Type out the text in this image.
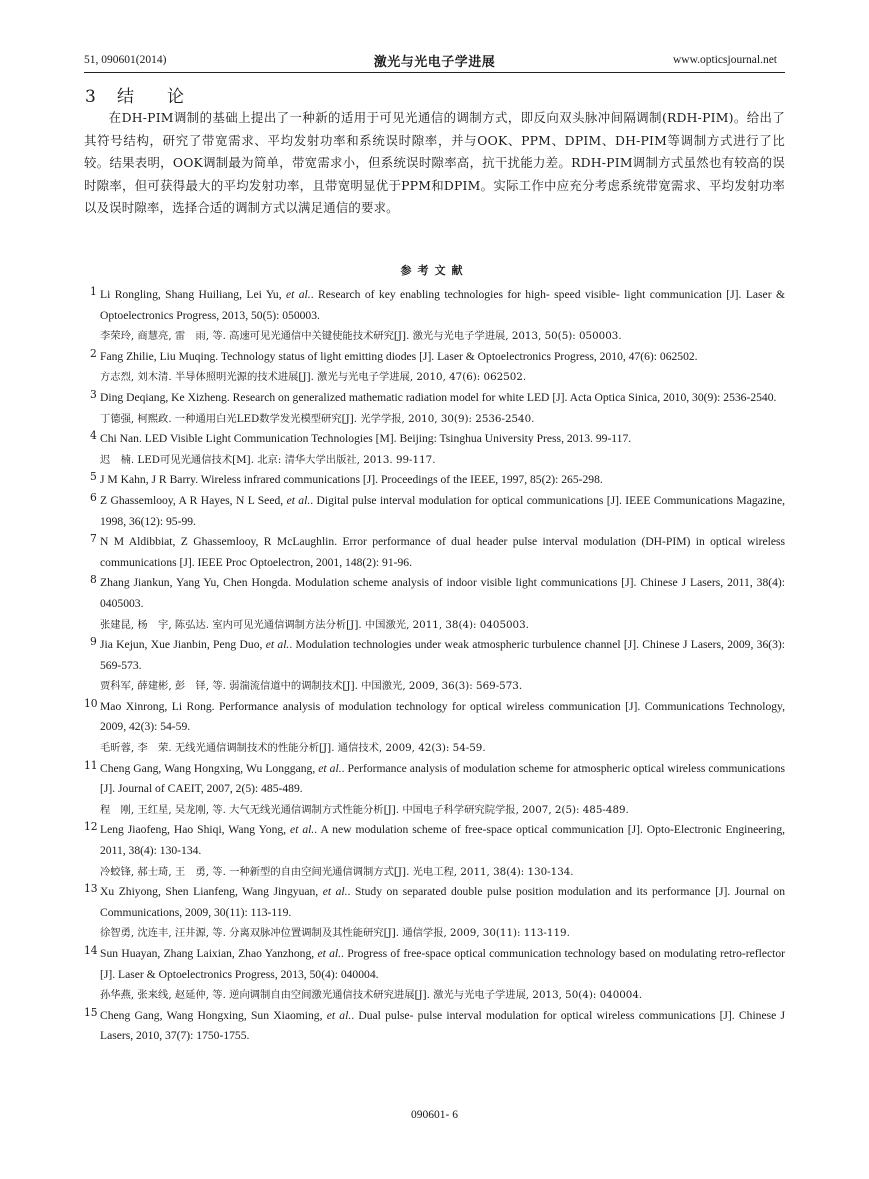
51, 090601(2014)	激光与光电子学进展	www.opticsjournal.net
3 结 论

在DH-PIM调制的基础上提出了一种新的适用于可见光通信的调制方式，即反向双头脉冲间隔调制(RDH-PIM)。给出了其符号结构，研究了带宽需求、平均发射功率和系统误时隙率，并与OOK、PPM、DPIM、DH-PIM等调制方式进行了比较。结果表明，OOK调制最为简单，带宽需求小，但系统误时隙率高，抗干扰能力差。RDH-PIM调制方式虽然也有较高的误时隙率，但可获得最大的平均发射功率，且带宽明显优于PPM和DPIM。实际工作中应充分考虑系统带宽需求、平均发射功率以及误时隙率，选择合适的调制方式以满足通信的要求。

参考文献
1 Li Rongling, Shang Huiliang, Lei Yu, et al.. Research of key enabling technologies for high- speed visible- light communication [J]. Laser & Optoelectronics Progress, 2013, 50(5): 050003.
李荣玲, 商慧亮, 雷　雨, 等. 高速可见光通信中关键使能技术研究[J]. 激光与光电子学进展, 2013, 50(5): 050003.
2 Fang Zhilie, Liu Muqing. Technology status of light emitting diodes [J]. Laser & Optoelectronics Progress, 2010, 47(6): 062502.
方志烈, 刘木清. 半导体照明光源的技术进展[J]. 激光与光电子学进展, 2010, 47(6): 062502.
3 Ding Deqiang, Ke Xizheng. Research on generalized mathematic radiation model for white LED [J]. Acta Optica Sinica, 2010, 30(9): 2536-2540.
丁德强, 柯熙政. 一种通用白光LED数学发光模型研究[J]. 光学学报, 2010, 30(9): 2536-2540.
4 Chi Nan. LED Visible Light Communication Technologies [M]. Beijing: Tsinghua University Press, 2013. 99-117.
迟　楠. LED可见光通信技术[M]. 北京: 清华大学出版社, 2013. 99-117.
5 J M Kahn, J R Barry. Wireless infrared communications [J]. Proceedings of the IEEE, 1997, 85(2): 265-298.
6 Z Ghassemlooy, A R Hayes, N L Seed, et al.. Digital pulse interval modulation for optical communications [J]. IEEE Communications Magazine, 1998, 36(12): 95-99.
7 N M Aldibbiat, Z Ghassemlooy, R McLaughlin. Error performance of dual header pulse interval modulation (DH-PIM) in optical wireless communications [J]. IEEE Proc Optoelectron, 2001, 148(2): 91-96.
8 Zhang Jiankun, Yang Yu, Chen Hongda. Modulation scheme analysis of indoor visible light communications [J]. Chinese J Lasers, 2011, 38(4): 0405003.
张建昆, 杨　宇, 陈弘达. 室内可见光通信调制方法分析[J]. 中国激光, 2011, 38(4): 0405003.
9 Jia Kejun, Xue Jianbin, Peng Duo, et al.. Modulation technologies under weak atmospheric turbulence channel [J]. Chinese J Lasers, 2009, 36(3): 569-573.
贾科军, 薛建彬, 彭　铎, 等. 弱湍流信道中的调制技术[J]. 中国激光, 2009, 36(3): 569-573.
10 Mao Xinrong, Li Rong. Performance analysis of modulation technology for optical wireless communication [J]. Communications Technology, 2009, 42(3): 54-59.
毛昕蓉, 李　荣. 无线光通信调制技术的性能分析[J]. 通信技术, 2009, 42(3): 54-59.
11 Cheng Gang, Wang Hongxing, Wu Longgang, et al.. Performance analysis of modulation scheme for atmospheric optical wireless communications [J]. Journal of CAEIT, 2007, 2(5): 485-489.
程　刚, 王红星, 吴龙刚, 等. 大气无线光通信调制方式性能分析[J]. 中国电子科学研究院学报, 2007, 2(5): 485-489.
12 Leng Jiaofeng, Hao Shiqi, Wang Yong, et al.. A new modulation scheme of free-space optical communication [J]. Opto-Electronic Engineering, 2011, 38(4): 130-134.
冷蛟锋, 郝士琦, 王　勇, 等. 一种新型的自由空间光通信调制方式[J]. 光电工程, 2011, 38(4): 130-134.
13 Xu Zhiyong, Shen Lianfeng, Wang Jingyuan, et al.. Study on separated double pulse position modulation and its performance [J]. Journal on Communications, 2009, 30(11): 113-119.
徐智勇, 沈连丰, 汪井源, 等. 分离双脉冲位置调制及其性能研究[J]. 通信学报, 2009, 30(11): 113-119.
14 Sun Huayan, Zhang Laixian, Zhao Yanzhong, et al.. Progress of free-space optical communication technology based on modulating retro-reflector [J]. Laser & Optoelectronics Progress, 2013, 50(4): 040004.
孙华燕, 张来线, 赵延仲, 等. 逆向调制自由空间激光通信技术研究进展[J]. 激光与光电子学进展, 2013, 50(4): 040004.
15 Cheng Gang, Wang Hongxing, Sun Xiaoming, et al.. Dual pulse- pulse interval modulation for optical wireless communications [J]. Chinese J Lasers, 2010, 37(7): 1750-1755.
090601- 6
